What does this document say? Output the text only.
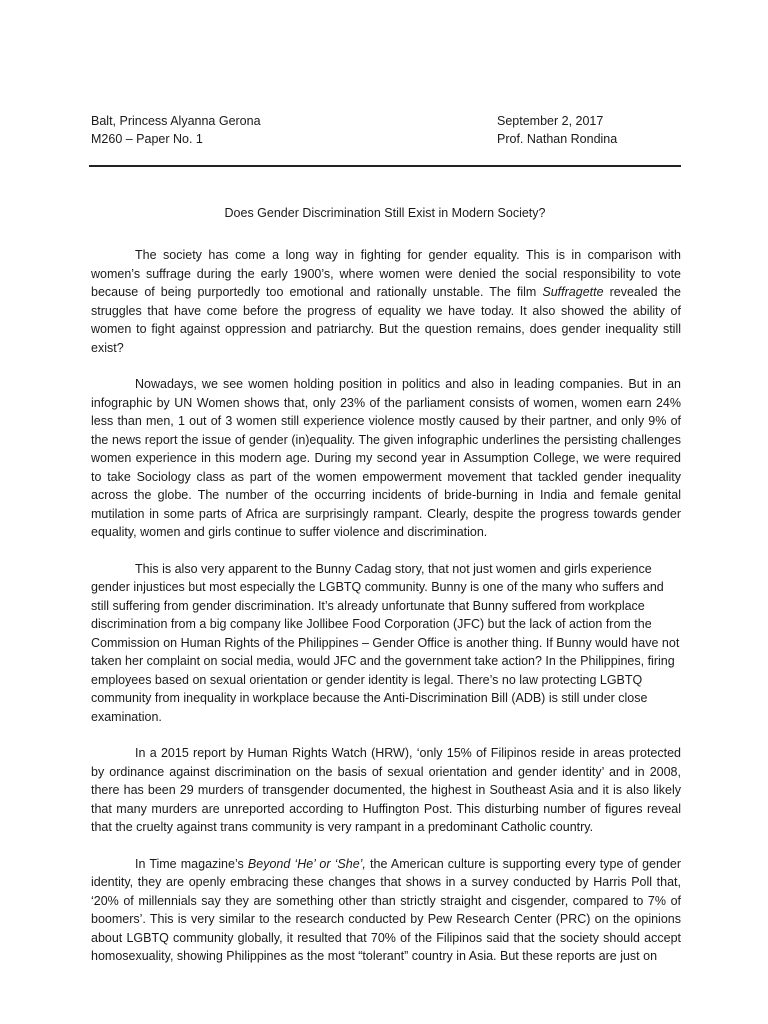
Balt, Princess Alyanna Gerona
M260 – Paper No. 1
September 2, 2017
Prof. Nathan Rondina
Does Gender Discrimination Still Exist in Modern Society?

The society has come a long way in fighting for gender equality. This is in comparison with women’s suffrage during the early 1900’s, where women were denied the social responsibility to vote because of being purportedly too emotional and rationally unstable. The film Suffragette revealed the struggles that have come before the progress of equality we have today. It also showed the ability of women to fight against oppression and patriarchy. But the question remains, does gender inequality still exist?

Nowadays, we see women holding position in politics and also in leading companies. But in an infographic by UN Women shows that, only 23% of the parliament consists of women, women earn 24% less than men, 1 out of 3 women still experience violence mostly caused by their partner, and only 9% of the news report the issue of gender (in)equality. The given infographic underlines the persisting challenges women experience in this modern age. During my second year in Assumption College, we were required to take Sociology class as part of the women empowerment movement that tackled gender inequality across the globe. The number of the occurring incidents of bride-burning in India and female genital mutilation in some parts of Africa are surprisingly rampant. Clearly, despite the progress towards gender equality, women and girls continue to suffer violence and discrimination.

This is also very apparent to the Bunny Cadag story, that not just women and girls experience gender injustices but most especially the LGBTQ community. Bunny is one of the many who suffers and still suffering from gender discrimination. It’s already unfortunate that Bunny suffered from workplace discrimination from a big company like Jollibee Food Corporation (JFC) but the lack of action from the Commission on Human Rights of the Philippines – Gender Office is another thing. If Bunny would have not taken her complaint on social media, would JFC and the government take action? In the Philippines, firing employees based on sexual orientation or gender identity is legal. There’s no law protecting LGBTQ community from inequality in workplace because the Anti-Discrimination Bill (ADB) is still under close examination.

In a 2015 report by Human Rights Watch (HRW), ‘only 15% of Filipinos reside in areas protected by ordinance against discrimination on the basis of sexual orientation and gender identity’ and in 2008, there has been 29 murders of transgender documented, the highest in Southeast Asia and it is also likely that many murders are unreported according to Huffington Post. This disturbing number of figures reveal that the cruelty against trans community is very rampant in a predominant Catholic country.

In Time magazine’s Beyond ‘He’ or ‘She’, the American culture is supporting every type of gender identity, they are openly embracing these changes that shows in a survey conducted by Harris Poll that, ‘20% of millennials say they are something other than strictly straight and cisgender, compared to 7% of boomers’. This is very similar to the research conducted by Pew Research Center (PRC) on the opinions about LGBTQ community globally, it resulted that 70% of the Filipinos said that the society should accept homosexuality, showing Philippines as the most “tolerant” country in Asia. But these reports are just on
